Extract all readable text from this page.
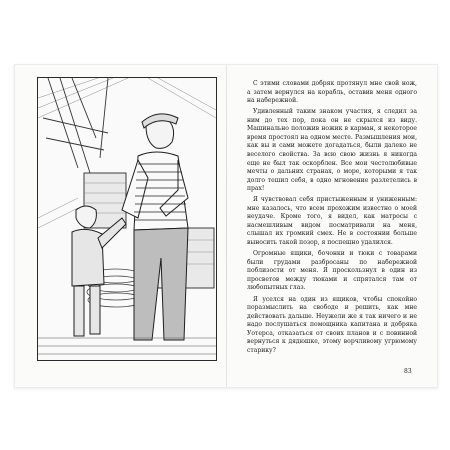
С этими словами добряк протянул мне свой нож, а затем вернулся на корабль, оставив меня одного на набережной.

Удивленный таким знаком участия, я следил за ним до тех пор, пока он не скрылся из виду. Машинально положив ножик в карман, я некоторое время простоял на одном месте. Размышления мои, как вы и сами можете догадаться, были далеко не веселого свойства. За всю свою жизнь я никогда еще не был так оскорблен. Все мои честолюбивые мечты о дальних странах, о море, которыми я так долго тешил себя, в одно мгновение разлетелись в прах!

Я чувствовал себя пристыженным и униженным: мне казалось, что всем прохожим известно о моей неудаче. Кроме того, я видел, как матросы с насмешливым видом посматривали на меня, слышал их громкий смех. Не в состоянии больше выносить такой позор, я поспешно удалился.

Огромные ящики, бочонки и тюки с товарами были грудами разбросаны по набережной поблизости от меня. Я проскользнул в один из просветов между тюками и спрятался там от любопытных глаз.

Я уселся на один из ящиков, чтобы спокойно поразмыслить на свободе и решить, как мне действовать дальше. Неужели же я так ничего и не надо послушаться помощника капитана и добряка Уотерса, отказаться от своих планов и с повинной вернуться к дядюшке, этому ворчливому угрюмому старику?

83
